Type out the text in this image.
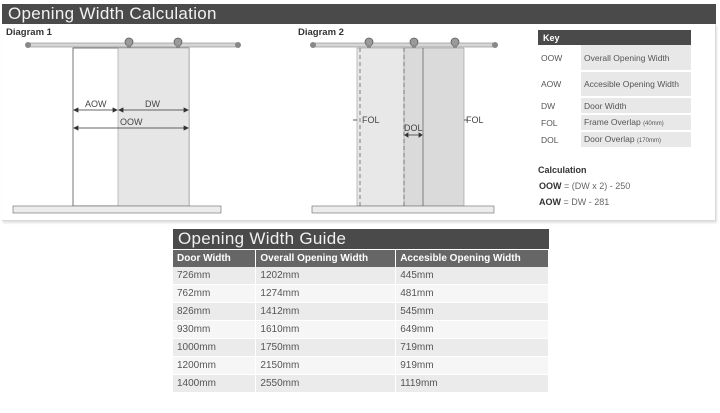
Opening Width Calculation
Diagram 1	Diagram 2
AOW	DW
OOW	FOL
DOL
FOL
Key	
OOW	Overall Opening Width
AOW	Accesible Opening Width
DW	Door Width
FOL	Frame Overlap (40mm)
DOL	Door Overlap (170mm)
Calculation
OOW = (DW x 2) - 250
AOW = DW - 281
Opening Width Guide
Door Width	Overall Opening Width	Accesible Opening Width
726mm	1202mm	445mm
762mm	1274mm	481mm
826mm	1412mm	545mm
930mm	1610mm	649mm
1000mm	1750mm	719mm
1200mm	2150mm	919mm
1400mm	2550mm	1119mm
